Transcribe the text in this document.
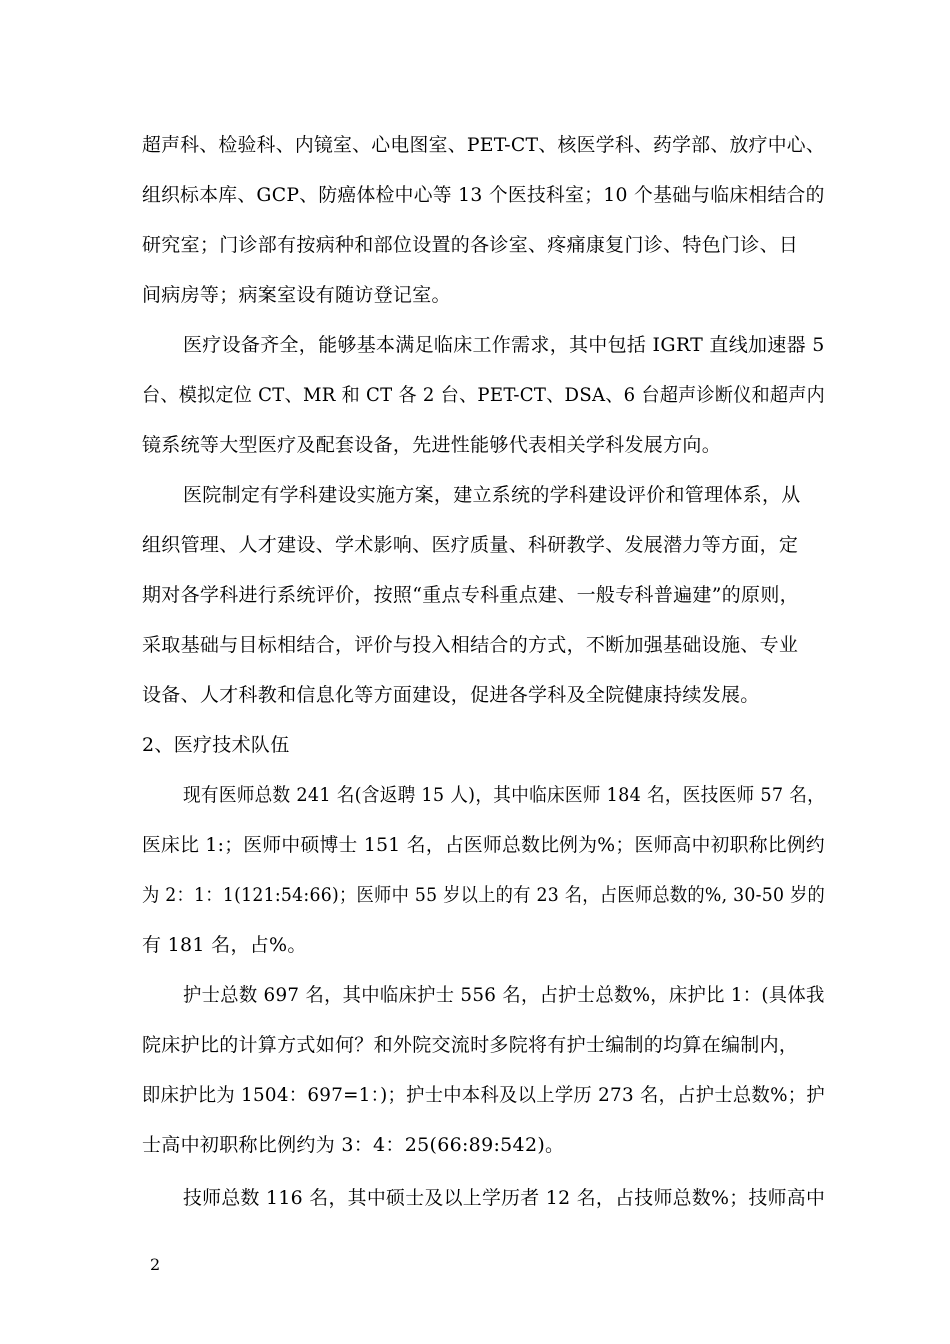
超声科、检验科、内镜室、心电图室、PET-CT、核医学科、药学部、放疗中心、
组织标本库、GCP、防癌体检中心等 13 个医技科室；10 个基础与临床相结合的
研究室；门诊部有按病种和部位设置的各诊室、疼痛康复门诊、特色门诊、日
间病房等；病案室设有随访登记室。
医疗设备齐全，能够基本满足临床工作需求，其中包括 IGRT 直线加速器 5
台、模拟定位 CT、MR 和 CT 各 2 台、PET-CT、DSA、6 台超声诊断仪和超声内
镜系统等大型医疗及配套设备，先进性能够代表相关学科发展方向。
医院制定有学科建设实施方案，建立系统的学科建设评价和管理体系，从
组织管理、人才建设、学术影响、医疗质量、科研教学、发展潜力等方面，定
期对各学科进行系统评价，按照“重点专科重点建、一般专科普遍建”的原则，
采取基础与目标相结合，评价与投入相结合的方式，不断加强基础设施、专业
设备、人才科教和信息化等方面建设，促进各学科及全院健康持续发展。
2、医疗技术队伍
现有医师总数 241 名(含返聘 15 人)，其中临床医师 184 名，医技医师 57 名，
医床比 1:；医师中硕博士 151 名，占医师总数比例为%；医师高中初职称比例约
为 2：1：1(121:54:66)；医师中 55 岁以上的有 23 名，占医师总数的%, 30-50 岁的
有 181 名，占%。
护士总数 697 名，其中临床护士 556 名，占护士总数%，床护比 1：(具体我
院床护比的计算方式如何？和外院交流时多院将有护士编制的均算在编制内，
即床护比为 1504：697=1：)；护士中本科及以上学历 273 名，占护士总数%；护
士高中初职称比例约为 3：4：25(66:89:542)。
技师总数 116 名，其中硕士及以上学历者 12 名，占技师总数%；技师高中
2
